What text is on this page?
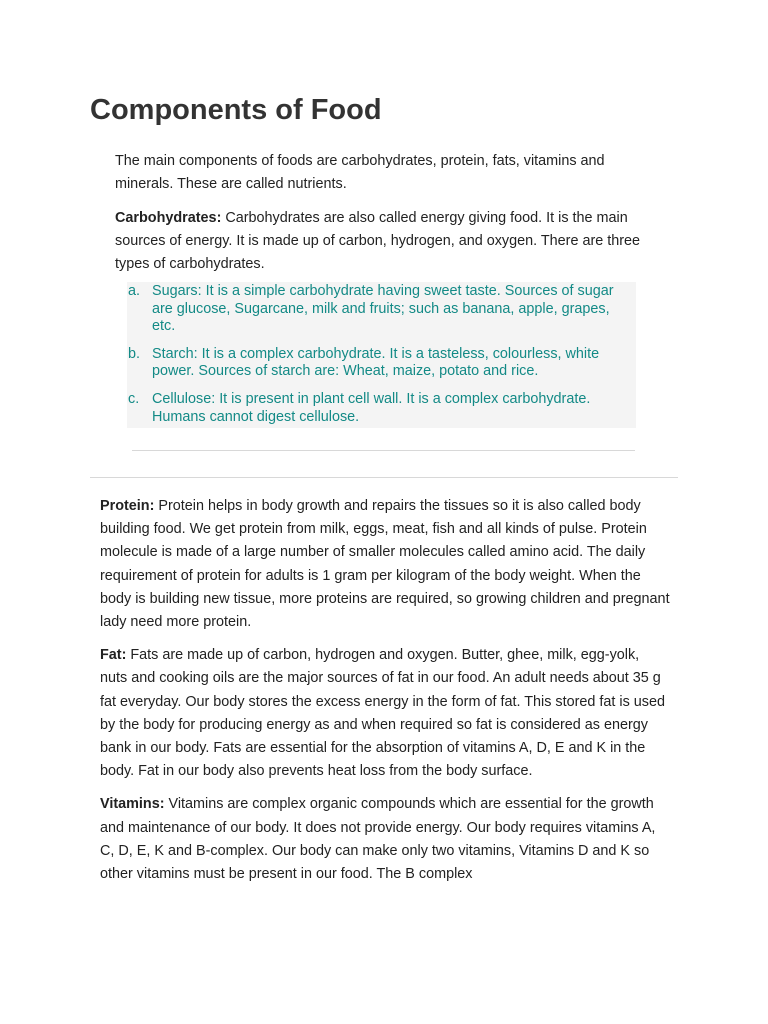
Components of Food

The main components of foods are carbohydrates, protein, fats, vitamins and minerals. These are called nutrients.

Carbohydrates: Carbohydrates are also called energy giving food. It is the main sources of energy. It is made up of carbon, hydrogen, and oxygen. There are three types of carbohydrates.

a. Sugars: It is a simple carbohydrate having sweet taste. Sources of sugar are glucose, Sugarcane, milk and fruits; such as banana, apple, grapes, etc.
b. Starch: It is a complex carbohydrate. It is a tasteless, colourless, white power. Sources of starch are: Wheat, maize, potato and rice.
c. Cellulose: It is present in plant cell wall. It is a complex carbohydrate. Humans cannot digest cellulose.

Protein: Protein helps in body growth and repairs the tissues so it is also called body building food. We get protein from milk, eggs, meat, fish and all kinds of pulse. Protein molecule is made of a large number of smaller molecules called amino acid. The daily requirement of protein for adults is 1 gram per kilogram of the body weight. When the body is building new tissue, more proteins are required, so growing children and pregnant lady need more protein.

Fat: Fats are made up of carbon, hydrogen and oxygen. Butter, ghee, milk, egg-yolk, nuts and cooking oils are the major sources of fat in our food. An adult needs about 35 g fat everyday. Our body stores the excess energy in the form of fat. This stored fat is used by the body for producing energy as and when required so fat is considered as energy bank in our body. Fats are essential for the absorption of vitamins A, D, E and K in the body. Fat in our body also prevents heat loss from the body surface.

Vitamins: Vitamins are complex organic compounds which are essential for the growth and maintenance of our body. It does not provide energy. Our body requires vitamins A, C, D, E, K and B-complex. Our body can make only two vitamins, Vitamins D and K so other vitamins must be present in our food. The B complex
